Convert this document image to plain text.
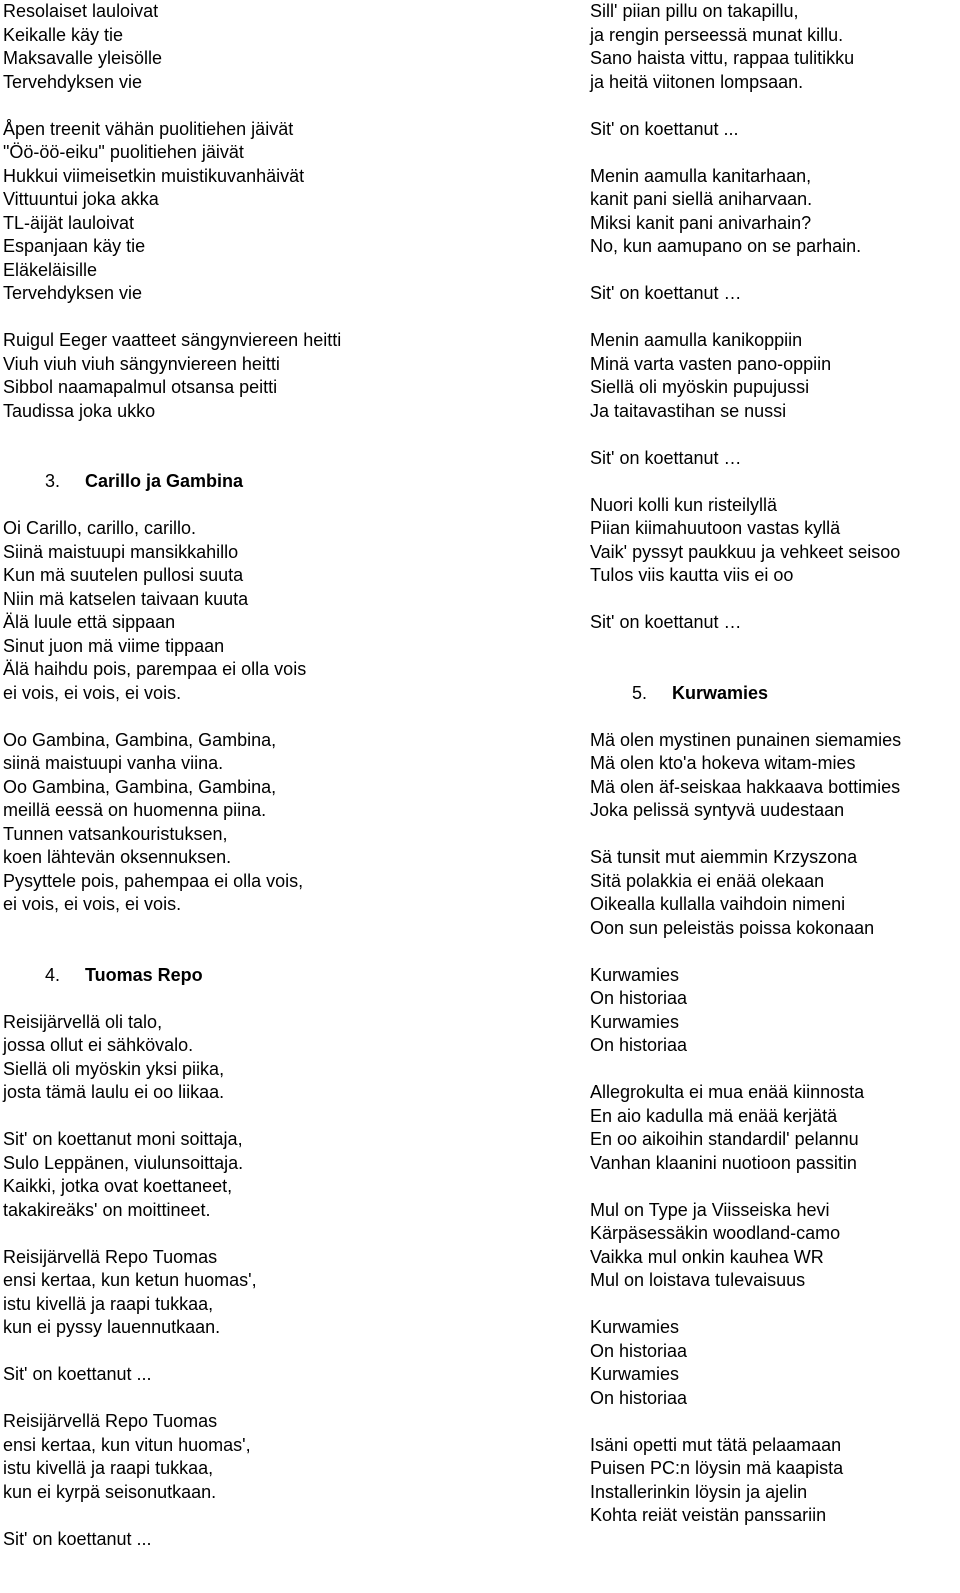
Resolaiset lauloivat
Keikalle käy tie
Maksavalle yleisölle
Tervehdyksen vie
Åpen treenit vähän puolitiehen jäivät
"Öö-öö-eiku" puolitiehen jäivät
Hukkui viimeisetkin muistikuvanhäivät
Vittuuntui joka akka
TL-äijät lauloivat
Espanjaan käy tie
Eläkeläisille
Tervehdyksen vie
Ruigul Eeger vaatteet sängynviereen heitti
Viuh viuh viuh sängynviereen heitti
Sibbol naamapalmul otsansa peitti
Taudissa joka ukko
3. Carillo ja Gambina
Oi Carillo, carillo, carillo.
Siinä maistuupi mansikkahillo
Kun mä suutelen pullosi suuta
Niin mä katselen taivaan kuuta
Älä luule että sippaan
Sinut juon mä viime tippaan
Älä haihdu pois, parempaa ei olla vois
ei vois, ei vois, ei vois.
Oo Gambina, Gambina, Gambina,
siinä maistuupi vanha viina.
Oo Gambina, Gambina, Gambina,
meillä eessä on huomenna piina.
Tunnen vatsankouristuksen,
koen lähtevän oksennuksen.
Pysyttele pois, pahempaa ei olla vois,
ei vois, ei vois, ei vois.
4. Tuomas Repo
Reisijärvellä oli talo,
jossa ollut ei sähkövalo.
Siellä oli myöskin yksi piika,
josta tämä laulu ei oo liikaa.
Sit' on koettanut moni soittaja,
Sulo Leppänen, viulunsoittaja.
Kaikki, jotka ovat koettaneet,
takakireäks' on moittineet.
Reisijärvellä Repo Tuomas
ensi kertaa, kun ketun huomas',
istu kivellä ja raapi tukkaa,
kun ei pyssy lauennutkaan.
Sit' on koettanut ...
Reisijärvellä Repo Tuomas
ensi kertaa, kun vitun huomas',
istu kivellä ja raapi tukkaa,
kun ei kyrpä seisonutkaan.
Sit' on koettanut ...
Sill' piian pillu on takapillu,
ja rengin perseessä munat killu.
Sano haista vittu, rappaa tulitikku
ja heitä viitonen lompsaan.
Sit' on koettanut ...
Menin aamulla kanitarhaan,
kanit pani siellä aniharvaan.
Miksi kanit pani anivarhain?
No, kun aamupano on se parhain.
Sit' on koettanut …
Menin aamulla kanikoppiin
Minä varta vasten pano-oppiin
Siellä oli myöskin pupujussi
Ja taitavastihan se nussi
Sit' on koettanut …
Nuori kolli kun risteilyllä
Piian kiimahuutoon vastas kyllä
Vaik' pyssyt paukkuu ja vehkeet seisoo
Tulos viis kautta viis ei oo
Sit' on koettanut …
5. Kurwamies
Mä olen mystinen punainen siemamies
Mä olen kto'a hokeva witam-mies
Mä olen äf-seiskaa hakkaava bottimies
Joka pelissä syntyvä uudestaan
Sä tunsit mut aiemmin Krzyszona
Sitä polakkia ei enää olekaan
Oikealla kullalla vaihdoin nimeni
Oon sun peleistäs poissa kokonaan
Kurwamies
On historiaa
Kurwamies
On historiaa
Allegrokulta ei mua enää kiinnosta
En aio kadulla mä enää kerjätä
En oo aikoihin standardil' pelannu
Vanhan klaanini nuotioon passitin
Mul on Type ja Viisseiska hevi
Kärpäsessäkin woodland-camo
Vaikka mul onkin kauhea WR
Mul on loistava tulevaisuus
Kurwamies
On historiaa
Kurwamies
On historiaa
Isäni opetti mut tätä pelaamaan
Puisen PC:n löysin mä kaapista
Installerinkin löysin ja ajelin
Kohta reiät veistän panssariin
